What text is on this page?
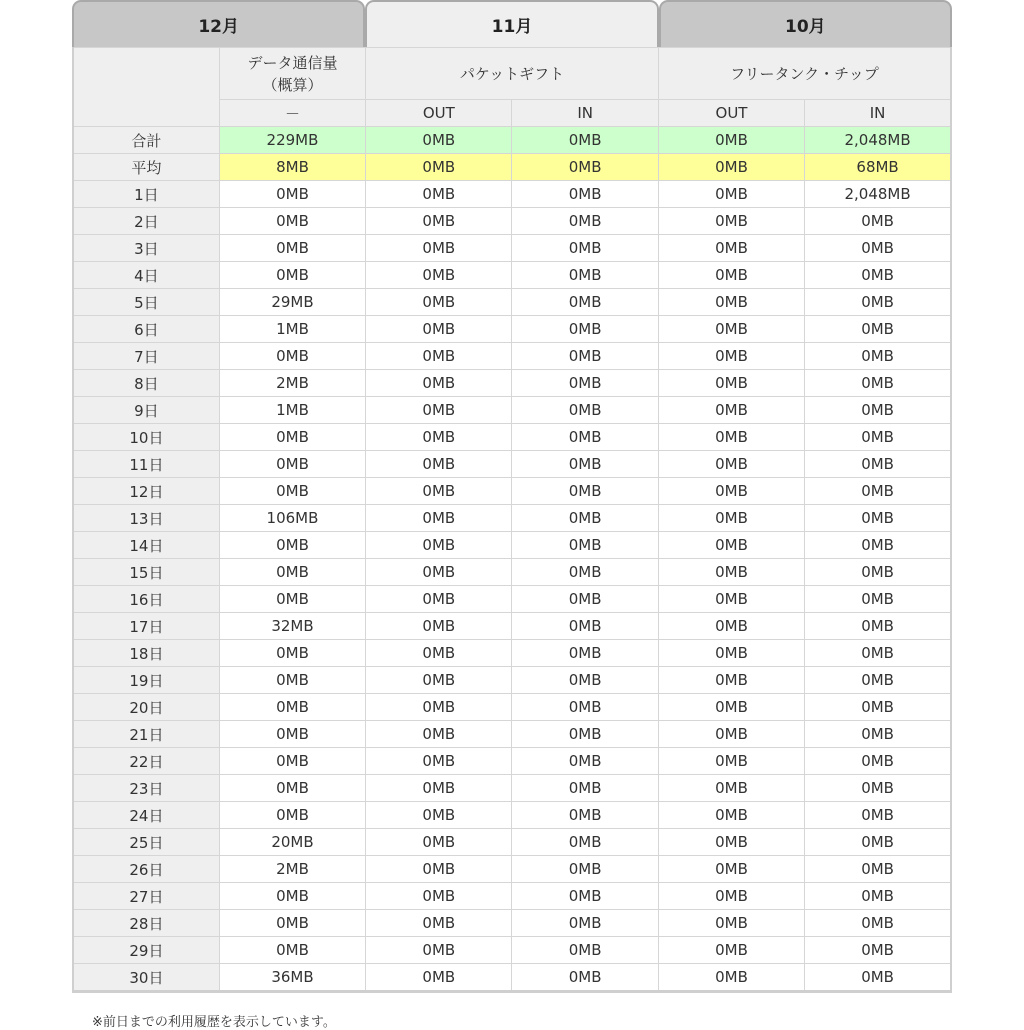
12月	11月	10月

	データ通信量（概算）	パケットギフト		フリータンク・チップ	
	－	OUT	IN	OUT	IN
合計	229MB	0MB	0MB	0MB	2,048MB
平均	8MB	0MB	0MB	0MB	68MB
1日	0MB	0MB	0MB	0MB	2,048MB
2日	0MB	0MB	0MB	0MB	0MB
3日	0MB	0MB	0MB	0MB	0MB
4日	0MB	0MB	0MB	0MB	0MB
5日	29MB	0MB	0MB	0MB	0MB
6日	1MB	0MB	0MB	0MB	0MB
7日	0MB	0MB	0MB	0MB	0MB
8日	2MB	0MB	0MB	0MB	0MB
9日	1MB	0MB	0MB	0MB	0MB
10日	0MB	0MB	0MB	0MB	0MB
11日	0MB	0MB	0MB	0MB	0MB
12日	0MB	0MB	0MB	0MB	0MB
13日	106MB	0MB	0MB	0MB	0MB
14日	0MB	0MB	0MB	0MB	0MB
15日	0MB	0MB	0MB	0MB	0MB
16日	0MB	0MB	0MB	0MB	0MB
17日	32MB	0MB	0MB	0MB	0MB
18日	0MB	0MB	0MB	0MB	0MB
19日	0MB	0MB	0MB	0MB	0MB
20日	0MB	0MB	0MB	0MB	0MB
21日	0MB	0MB	0MB	0MB	0MB
22日	0MB	0MB	0MB	0MB	0MB
23日	0MB	0MB	0MB	0MB	0MB
24日	0MB	0MB	0MB	0MB	0MB
25日	20MB	0MB	0MB	0MB	0MB
26日	2MB	0MB	0MB	0MB	0MB
27日	0MB	0MB	0MB	0MB	0MB
28日	0MB	0MB	0MB	0MB	0MB
29日	0MB	0MB	0MB	0MB	0MB
30日	36MB	0MB	0MB	0MB	0MB
※前日までの利用履歴を表示しています。
